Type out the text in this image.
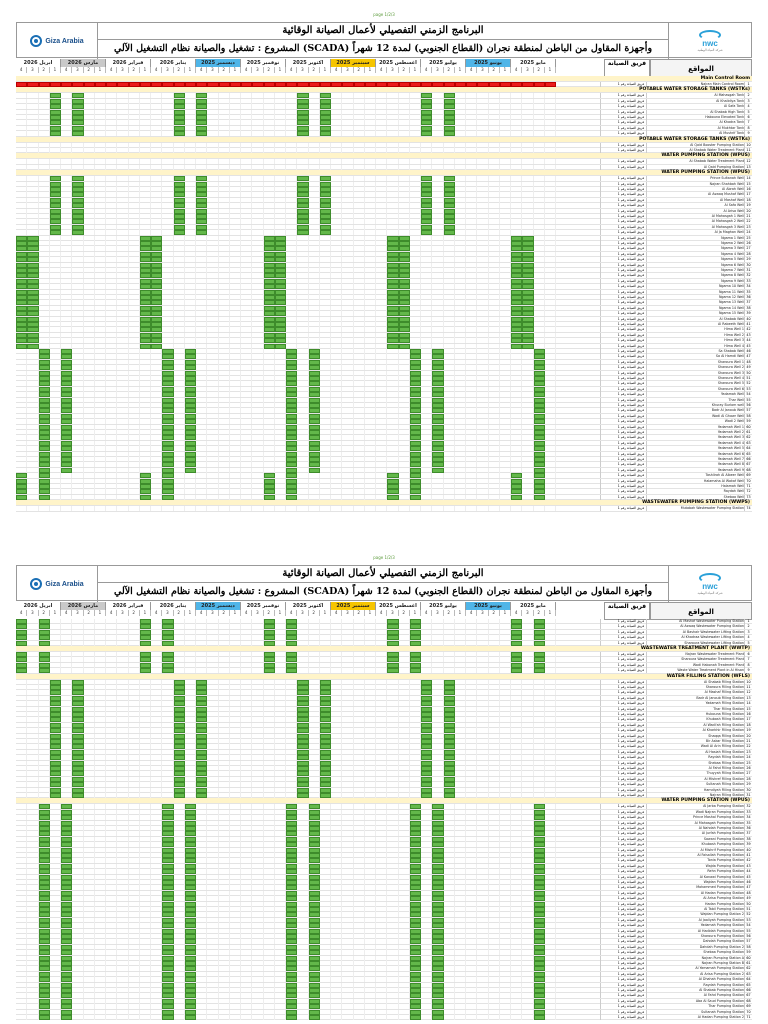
page 1/2/3
page 1/2/3
Giza Arabia
البرنامج الزمني التفصيلي لأعمال الصيانة الوقائية
وأجهزة المقاول من الباطن لمنطقة نجران (القطاع الجنوبي) لمدة 12 شهراً (SCADA) المشروع : تشغيل والصيانة نظام التشغيل الآلي	nwc
شركة المياه الوطنية
ابريل 2026	مارس 2026	فبراير 2026	يناير 2026	ديسمبر 2025	نوفمبر 2025	اكتوبر 2025	سبتمبر 2025	اغسطس 2025	يوليو 2025	يونيو 2025	مايو 2025
4	3	2	1	4	3	2	1	4	3	2	1	4	3	2	1	4	3	2	1	4	3	2	1	4	3	2	1	4	3	2	1	4	3	2	1	4	3	2	1	4	3	2	1	4	3	2	1
فريق الصيانة
المواقع
Main Control Room
فريق الصيانة رقم 1	Najran Main Control Room	1
POTABLE WATER STORAGE TANKS (WSTKs)
فريق الصيانة رقم 1	Al Mahasgah Tank	2
فريق الصيانة رقم 1	Al Khalidiya Tank	3
فريق الصيانة رقم 1	Al Safa Tank	4
فريق الصيانة رقم 1	Al Shabab High Tank	5
فريق الصيانة رقم 1	Habouna Elevated Tank	6
فريق الصيانة رقم 1	Al Khadra Tank	7
فريق الصيانة رقم 1	Al Mukhtar Tank	8
فريق الصيانة رقم 1	Al Mushrif Tank	9
POTABLE WATER STORAGE TANKS (WSTKs)
فريق الصيانة رقم 1	Al Qaid Booster Pumping Station 10
فريق الصيانة رقم 1	Al Shabab Water Treatment Plant 11
WATER PUMPING STATION (WPUS)
فريق الصيانة رقم 1	Al Shabab Water Treatment Plant 12
فريق الصيانة رقم 1	Al Qaid Pumping Station 13
WATER PUMPING STATION (WPUS)
فريق الصيانة رقم 1	Prince Sultanah Well 14
فريق الصيانة رقم 1	Najran Shahbah Well 15
فريق الصيانة رقم 1	Al Abrah Well 16
فريق الصيانة رقم 1	Al Aswaq Mushaf Well 17
فريق الصيانة رقم 1	Al Mashaf Well 18
فريق الصيانة رقم 1	Al Safa Well 19
فريق الصيانة رقم 1	Al Arisa Well 20
فريق الصيانة رقم 1	Al Mahasgah 1 Well 21
فريق الصيانة رقم 1	Al Mahasgah 2 Well 22
فريق الصيانة رقم 1	Al Mahasgah 3 Well 23
فريق الصيانة رقم 1	Al Ja Maghan Well 24
فريق الصيانة رقم 1	Ngama 1 Well 25
فريق الصيانة رقم 1	Ngama 2 Well 26
فريق الصيانة رقم 1	Ngama 3 Well 27
فريق الصيانة رقم 1	Ngama 4 Well 28
فريق الصيانة رقم 1	Ngama 5 Well 29
فريق الصيانة رقم 1	Ngama 6 Well 30
فريق الصيانة رقم 1	Ngama 7 Well 31
فريق الصيانة رقم 1	Ngama 8 Well 32
فريق الصيانة رقم 1	Ngama 9 Well 33
فريق الصيانة رقم 1	Ngama 10 Well 34
فريق الصيانة رقم 1	Ngama 11 Well 35
فريق الصيانة رقم 1	Ngama 12 Well 36
فريق الصيانة رقم 1	Ngama 13 Well 37
فريق الصيانة رقم 1	Ngama 14 Well 38
فريق الصيانة رقم 1	Ngama 15 Well 39
فريق الصيانة رقم 1	Al Shabab Well 40
فريق الصيانة رقم 1	Al Rabeeth Well 41
فريق الصيانة رقم 1	Hima Well 1 42
فريق الصيانة رقم 1	Hima Well 2 43
فريق الصيانة رقم 1	Hima Well 3 44
فريق الصيانة رقم 1	Hima Well 4 45
فريق الصيانة رقم 1	Sa Shabab Well 46
فريق الصيانة رقم 1	Sa Al Hamdi Well 47
فريق الصيانة رقم 1	Sharoura Well 1 48
فريق الصيانة رقم 1	Sharoura Well 2 49
فريق الصيانة رقم 1	Sharoura Well 3 50
فريق الصيانة رقم 1	Sharoura Well 4 51
فريق الصيانة رقم 1	Sharoura Well 5 52
فريق الصيانة رقم 1	Sharoura Well 6 53
فريق الصيانة رقم 1	Yadamah Well 54
فريق الصيانة رقم 1	Thar Well 55
فريق الصيانة رقم 1	Khuray Burlom well 56
فريق الصيانة رقم 1	Badr Al Janoub Well 57
فريق الصيانة رقم 1	Wadi Al Ghawr Well 58
فريق الصيانة رقم 1	Wadi 2 Well 59
فريق الصيانة رقم 1	Yadamah Well 1 60
فريق الصيانة رقم 1	Yadamah Well 2 61
فريق الصيانة رقم 1	Yadamah Well 3 62
فريق الصيانة رقم 1	Yadamah Well 4 63
فريق الصيانة رقم 1	Yadamah Well 5 64
فريق الصيانة رقم 1	Yadamah Well 6 65
فريق الصيانة رقم 1	Yadamah Well 7 66
فريق الصيانة رقم 1	Yadamah Well 8 67
فريق الصيانة رقم 1	Yadamah Well 9 68
فريق الصيانة رقم 1	Tashlirah Al Albeer Well 69
فريق الصيانة رقم 1	Halamaha Al Wakaf Well 70
فريق الصيانة رقم 1	Halamah Well 71
فريق الصيانة رقم 1	Raydah Well 72
فريق الصيانة رقم 1	Shebaa Well 73
WASTEWATER PUMPING STATION (WWPS)
فريق الصيانة رقم 1	Mutabah Wastewater Pumping Station 74
Giza Arabia
البرنامج الزمني التفصيلي لأعمال الصيانة الوقائية
وأجهزة المقاول من الباطن لمنطقة نجران (القطاع الجنوبي) لمدة 12 شهراً (SCADA) المشروع : تشغيل والصيانة نظام التشغيل الآلي	nwc
شركة المياه الوطنية
ابريل 2026	مارس 2026	فبراير 2026	يناير 2026	ديسمبر 2025	نوفمبر 2025	اكتوبر 2025	سبتمبر 2025	اغسطس 2025	يوليو 2025	يونيو 2025	مايو 2025
4	3	2	1	4	3	2	1	4	3	2	1	4	3	2	1	4	3	2	1	4	3	2	1	4	3	2	1	4	3	2	1	4	3	2	1	4	3	2	1	4	3	2	1	4	3	2	1
فريق الصيانة
المواقع
فريق الصيانة رقم 1	Al Mashaf Wastewater Pumping Station	1
فريق الصيانة رقم 1	Al Aswaq Wastewater Pumping Station	2
فريق الصيانة رقم 1	Al Bashair Wastewater Lifting Station	3
فريق الصيانة رقم 1	Al Khadraa Wastewater Lifting Station	4
فريق الصيانة رقم 1	Sharoura Wastewater Lifting Station	5
WASTEWATER TREATMENT PLANT (WWTP)
فريق الصيانة رقم 1	Najran Wastewater Treatment Plant	6
فريق الصيانة رقم 1	Sharoura Wastewater Treatment Plant	7
فريق الصيانة رقم 1	Wadi Habonah Treatment Plant	8
فريق الصيانة رقم 1	Waste Water Treatment Plant in Al Hisan	9
WATER FILLING STATION (WFLS)
فريق الصيانة رقم 1	Al Shabab Filling Station 10
فريق الصيانة رقم 1	Sharoura Filling Station 11
فريق الصيانة رقم 1	Al Mashaf Filling Station 12
فريق الصيانة رقم 1	Badr Al Janoub Filling Station 13
فريق الصيانة رقم 1	Yadamah Filling Station 14
فريق الصيانة رقم 1	Thar Filling Station 15
فريق الصيانة رقم 1	Hubouna Filling Station 16
فريق الصيانة رقم 1	Khubash Filling Station 17
فريق الصيانة رقم 1	Al Wadi'ah Filling Station 18
فريق الصيانة رقم 1	Al Kharkhir Filling Station 19
فريق الصيانة رقم 1	Shaqqa Filling Station 20
فريق الصيانة رقم 1	Bir Askar Filling Station 21
فريق الصيانة رقم 1	Wadi Al Arin Filling Station 22
فريق الصيانة رقم 1	Al Hasiah Filling Station 23
فريق الصيانة رقم 1	Raydah Filling Station 24
فريق الصيانة رقم 1	Shebaa Filling Station 25
فريق الصيانة رقم 1	Al Fahd Filling Station 26
فريق الصيانة رقم 1	Thuyyah Filling Station 27
فريق الصيانة رقم 1	Al Mishref Filling Station 28
فريق الصيانة رقم 1	Sultanah Filling Station 29
فريق الصيانة رقم 1	Hamdiyah Filling Station 30
فريق الصيانة رقم 1	Najran Filling Station 31
WATER PUMPING STATION (WPUS)
فريق الصيانة رقم 1	Al Jarba Pumping Station 32
فريق الصيانة رقم 1	Wadi Najran Pumping Station 33
فريق الصيانة رقم 1	Prince Mashal Pumping Station 34
فريق الصيانة رقم 1	Al Mahasgah Pumping Station 35
فريق الصيانة رقم 1	Al Nahdah Pumping Station 36
فريق الصيانة رقم 1	Al Jurfah Pumping Station 37
فريق الصيانة رقم 1	Sawani Pumping Station 38
فريق الصيانة رقم 1	Khubash Pumping Station 39
فريق الصيانة رقم 1	Al Mishrif Pumping Station 40
فريق الصيانة رقم 1	Al Faisaliah Pumping Station 41
فريق الصيانة رقم 1	Tonia Pumping Station 42
فريق الصيانة رقم 1	Wajda Pumping Station 43
فريق الصيانة رقم 1	Rehn Pumping Station 44
فريق الصيانة رقم 1	Al Kanawi Pumping Station 45
فريق الصيانة رقم 1	Wajdan Pumping Station 46
فريق الصيانة رقم 1	Mohammed Pumping Station 47
فريق الصيانة رقم 1	Al Hadan Pumping Station 48
فريق الصيانة رقم 1	Al Arisa Pumping Station 49
فريق الصيانة رقم 1	Hadan Pumping Station 50
فريق الصيانة رقم 1	Al Tabil Pumping Station 51
فريق الصيانة رقم 1	Wajdan Pumping Station 2 52
فريق الصيانة رقم 1	Al Jaaliyah Pumping Station 53
فريق الصيانة رقم 1	Yadamah Pumping Station 54
فريق الصيانة رقم 1	Al Hadidah Pumping Station 55
فريق الصيانة رقم 1	Sharoura Pumping Station 56
فريق الصيانة رقم 1	Dahdah Pumping Station 57
فريق الصيانة رقم 1	Dahdah Pumping Station 2 58
فريق الصيانة رقم 1	Shebaa Pumping Station 59
فريق الصيانة رقم 1	Najran Pumping Station A 60
فريق الصيانة رقم 1	Najran Pumping Station B 61
فريق الصيانة رقم 1	Al Yamamah Pumping Station 62
فريق الصيانة رقم 1	Al Arisa Pumping Station 2 63
فريق الصيانة رقم 1	Al Dhahah Pumping Station 64
فريق الصيانة رقم 1	Raydah Pumping Station 65
فريق الصيانة رقم 1	Al Shabab Pumping Station 66
فريق الصيانة رقم 1	Al Fahd Pumping Station 67
فريق الصيانة رقم 1	Aba Al Saud Pumping Station 68
فريق الصيانة رقم 1	Thar Pumping Station 69
فريق الصيانة رقم 1	Sultanah Pumping Station 70
فريق الصيانة رقم 1	Al Hadan Pumping Station 2 71
